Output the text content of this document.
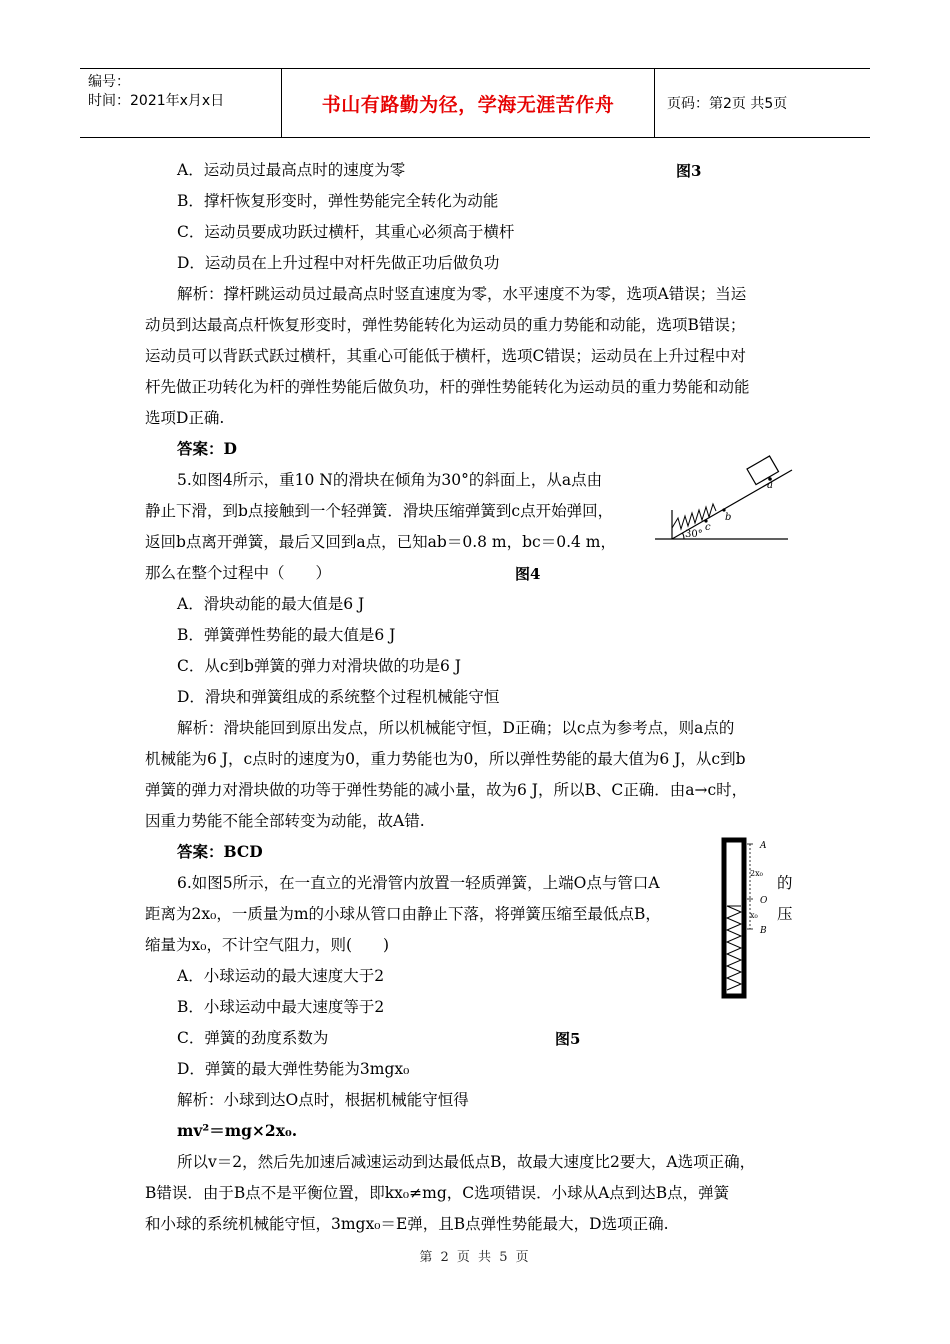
编号：
时间：2021年x月x日	书山有路勤为径，学海无涯苦作舟	页码：第2页 共5页
A．运动员过最高点时的速度为零	图3
B．撑杆恢复形变时，弹性势能完全转化为动能
C．运动员要成功跃过横杆，其重心必须高于横杆
D．运动员在上升过程中对杆先做正功后做负功
解析：撑杆跳运动员过最高点时竖直速度为零，水平速度不为零，选项A错误；当运
动员到达最高点杆恢复形变时，弹性势能转化为运动员的重力势能和动能，选项B错误；
运动员可以背跃式跃过横杆，其重心可能低于横杆，选项C错误；运动员在上升过程中对
杆先做正功转化为杆的弹性势能后做负功，杆的弹性势能转化为运动员的重力势能和动能
选项D正确.
答案：D
5.如图4所示，重10 N的滑块在倾角为30°的斜面上，从a点由
静止下滑，到b点接触到一个轻弹簧．滑块压缩弹簧到c点开始弹回，
返回b点离开弹簧，最后又回到a点，已知ab＝0.8 m，bc＝0.4 m，
那么在整个过程中（　　）	图4
30°
a
b
c
A．滑块动能的最大值是6 J
B．弹簧弹性势能的最大值是6 J
C．从c到b弹簧的弹力对滑块做的功是6 J
D．滑块和弹簧组成的系统整个过程机械能守恒
解析：滑块能回到原出发点，所以机械能守恒，D正确；以c点为参考点，则a点的
机械能为6 J，c点时的速度为0，重力势能也为0，所以弹性势能的最大值为6 J，从c到b
弹簧的弹力对滑块做的功等于弹性势能的减小量，故为6 J，所以B、C正确．由a→c时，
因重力势能不能全部转变为动能，故A错.
答案：BCD
6.如图5所示，在一直立的光滑管内放置一轻质弹簧，上端O点与管口A	的
距离为2x₀，一质量为m的小球从管口由静止下落，将弹簧压缩至最低点B，	压
缩量为x₀，不计空气阻力，则(　　)
A
2x₀
O
x₀
B
A．小球运动的最大速度大于2
B．小球运动中最大速度等于2
C．弹簧的劲度系数为	图5
D．弹簧的最大弹性势能为3mgx₀
解析：小球到达O点时，根据机械能守恒得
mv²＝mg×2x₀.
所以v＝2，然后先加速后减速运动到达最低点B，故最大速度比2要大，A选项正确，
B错误．由于B点不是平衡位置，即kx₀≠mg，C选项错误．小球从A点到达B点，弹簧
和小球的系统机械能守恒，3mgx₀＝E弹，且B点弹性势能最大，D选项正确.
第 2 页 共 5 页
